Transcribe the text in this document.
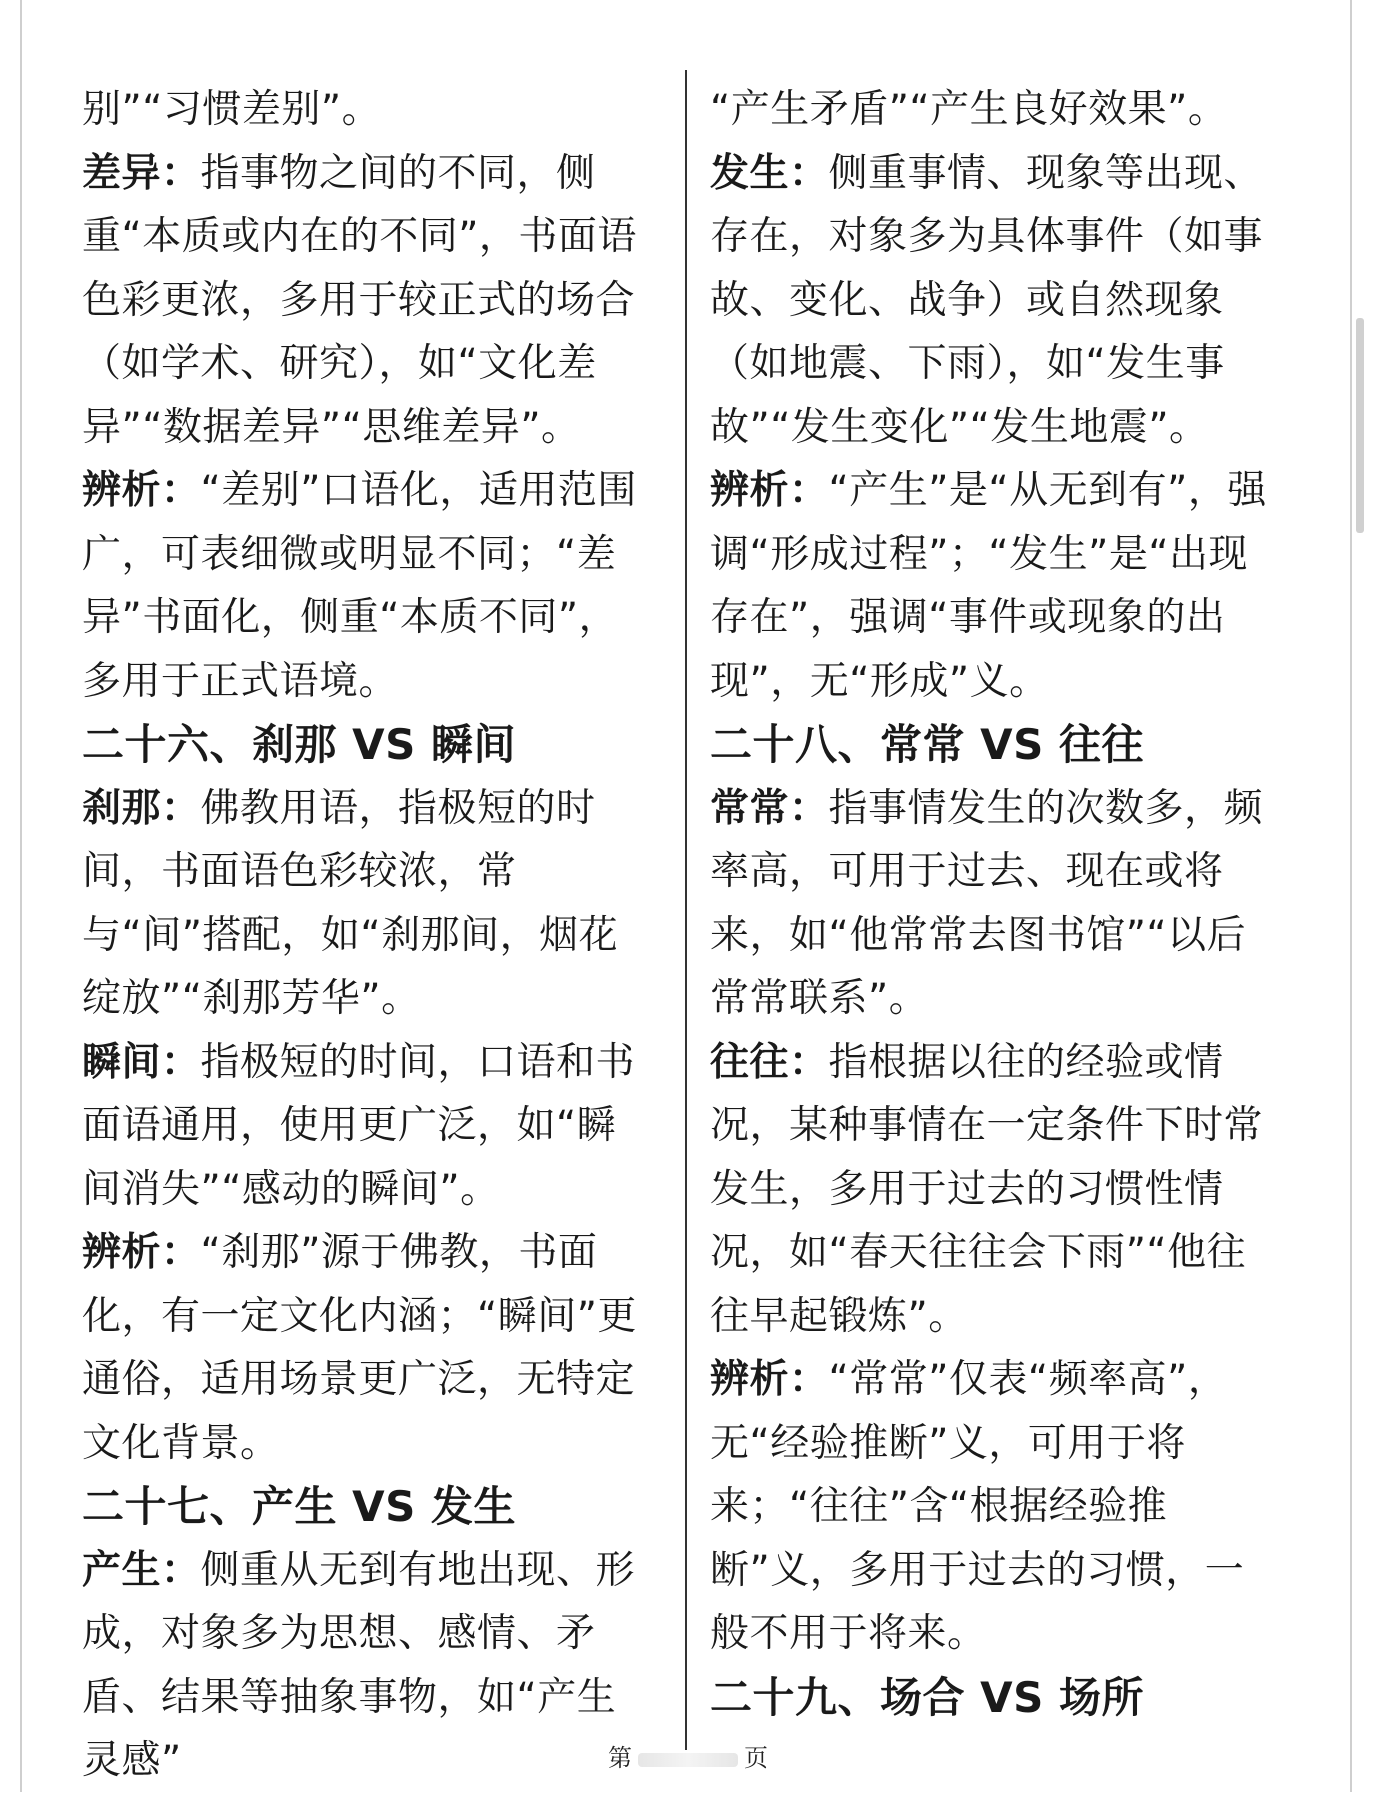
别”“习惯差别”。

差异：指事物之间的不同，侧重“本质或内在的不同”，书面语色彩更浓，多用于较正式的场合（如学术、研究），如“文化差异”“数据差异”“思维差异”。

辨析：“差别”口语化，适用范围广，可表细微或明显不同；“差异”书面化，侧重“本质不同”，多用于正式语境。

二十六、刹那 VS 瞬间

刹那：佛教用语，指极短的时间，书面语色彩较浓，常与“间”搭配，如“刹那间，烟花绽放”“刹那芳华”。

瞬间：指极短的时间，口语和书面语通用，使用更广泛，如“瞬间消失”“感动的瞬间”。

辨析：“刹那”源于佛教，书面化，有一定文化内涵；“瞬间”更通俗，适用场景更广泛，无特定文化背景。

二十七、产生 VS 发生

产生：侧重从无到有地出现、形成，对象多为思想、感情、矛盾、结果等抽象事物，如“产生灵感”

“产生矛盾”“产生良好效果”。

发生：侧重事情、现象等出现、存在，对象多为具体事件（如事故、变化、战争）或自然现象（如地震、下雨），如“发生事故”“发生变化”“发生地震”。

辨析：“产生”是“从无到有”，强调“形成过程”；“发生”是“出现存在”，强调“事件或现象的出现”，无“形成”义。

二十八、常常 VS 往往

常常：指事情发生的次数多，频率高，可用于过去、现在或将来，如“他常常去图书馆”“以后常常联系”。

往往：指根据以往的经验或情况，某种事情在一定条件下时常发生，多用于过去的习惯性情况，如“春天往往会下雨”“他往往早起锻炼”。

辨析：“常常”仅表“频率高”，无“经验推断”义，可用于将来；“往往”含“根据经验推断”义，多用于过去的习惯，一般不用于将来。

二十九、场合 VS 场所

第	页
